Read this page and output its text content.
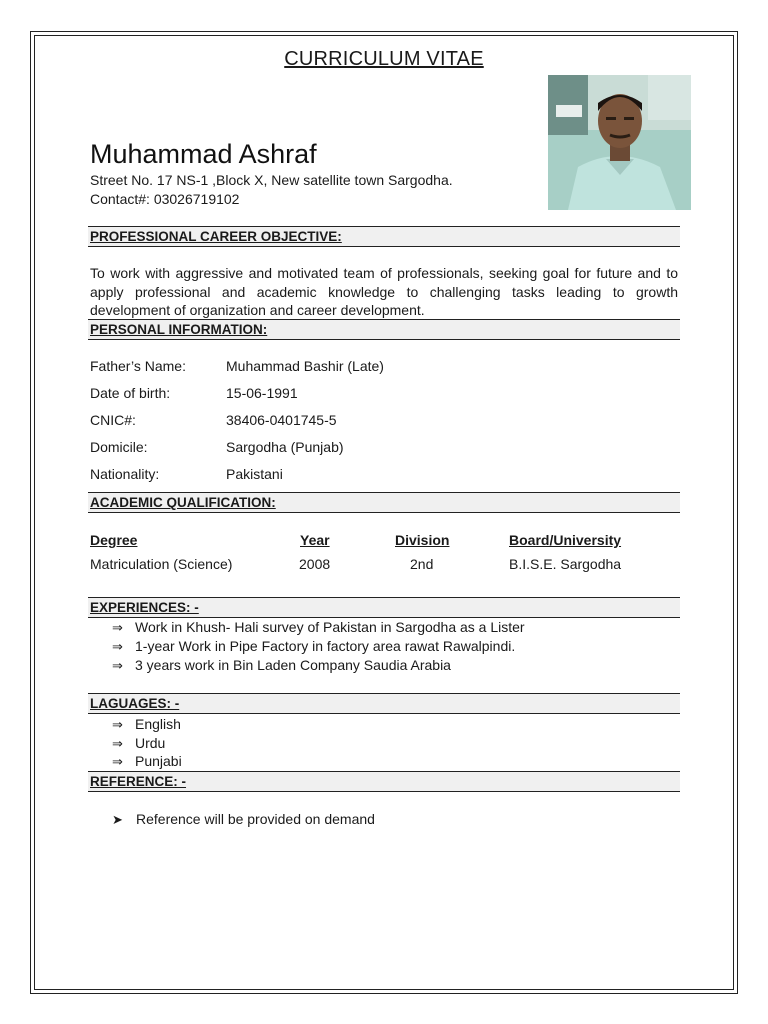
CURRICULUM VITAE
Muhammad Ashraf
Street No. 17 NS-1 ,Block X, New satellite town Sargodha.
Contact#: 03026719102
PROFESSIONAL CAREER OBJECTIVE:
To work with aggressive and motivated team of professionals, seeking goal for future and to apply professional and academic knowledge to challenging tasks leading to growth development of organization and career development.
PERSONAL INFORMATION:
Father’s Name:	Muhammad Bashir (Late)
Date of birth:	15-06-1991
CNIC#:	38406-0401745-5
Domicile:	Sargodha (Punjab)
Nationality:	Pakistani
ACADEMIC QUALIFICATION:
Degree	Year	Division	Board/University
Matriculation (Science)	2008	2nd	B.I.S.E. Sargodha
EXPERIENCES: -
⇒ Work in Khush- Hali survey of Pakistan in Sargodha as a Lister
⇒ 1-year Work in Pipe Factory in factory area rawat Rawalpindi.
⇒ 3 years work in Bin Laden Company Saudia Arabia
LAGUAGES: -
⇒ English
⇒ Urdu
⇒ Punjabi
REFERENCE: -
➤ Reference will be provided on demand
